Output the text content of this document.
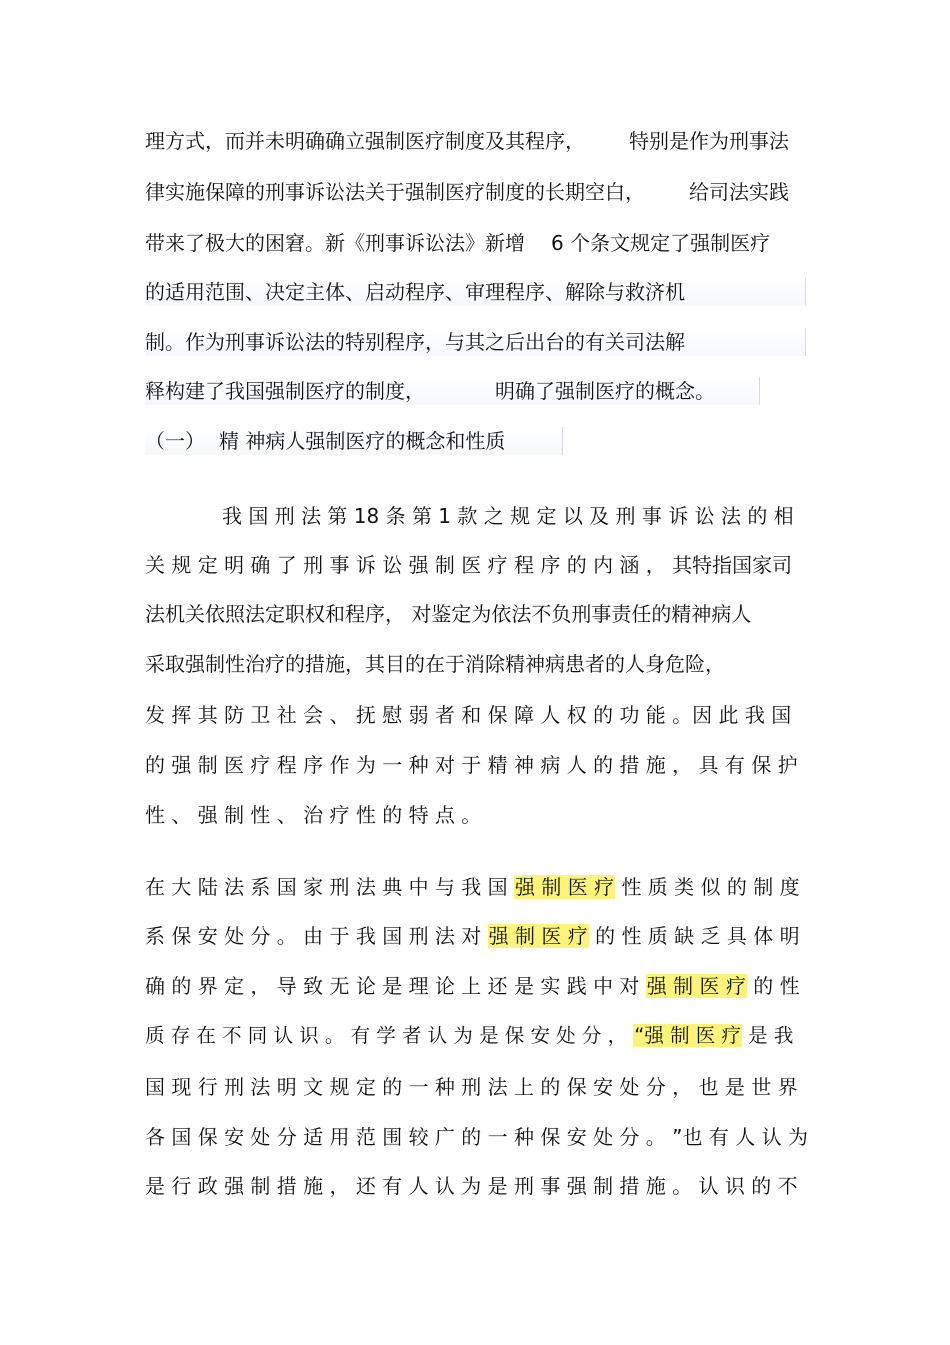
理方式，而并未明确确立强制医疗制度及其程序， 特别是作为刑事法

律实施保障的刑事诉讼法关于强制医疗制度的长期空白， 给司法实践

带来了极大的困窘。新《刑事诉讼法》新增 6 个条文规定了强制医疗

的适用范围、决定主体、启动程序、审理程序、解除与救济机

制。作为刑事诉讼法的特别程序，与其之后出台的有关司法解

释构建了我国强制医疗的制度，	明确了强制医疗的概念。

（一） 精 神病人强制医疗的概念和性质

我 国 刑 法 第 18 条 第 1 款 之 规 定 以 及 刑 事 诉 讼 法 的 相

关 规 定 明 确 了 刑 事 诉 讼 强 制 医 疗 程 序 的 内 涵 ， 其特指国家司

法机关依照法定职权和程序， 对鉴定为依法不负刑事责任的精神病人

采取强制性治疗的措施，其目的在于消除精神病患者的人身危险，

发 挥 其 防 卫 社 会 、 抚 慰 弱 者 和 保 障 人 权 的 功 能 。因 此 我 国

的 强 制 医 疗 程 序 作 为 一 种 对 于 精 神 病 人 的 措 施 ， 具 有 保 护

性 、 强 制 性 、 治 疗 性 的 特 点 。

在 大 陆 法 系 国 家 刑 法 典 中 与 我 国 强 制 医 疗 性 质 类 似 的 制 度

系 保 安 处 分 。 由 于 我 国 刑 法 对 强 制 医 疗 的 性 质 缺 乏 具 体 明

确 的 界 定 ， 导 致 无 论 是 理 论 上 还 是 实 践 中 对 强 制 医 疗 的 性

质 存 在 不 同 认 识 。 有 学 者 认 为 是 保 安 处 分 ， “强 制 医 疗 是 我

国 现 行 刑 法 明 文 规 定 的 一 种 刑 法 上 的 保 安 处 分 ， 也 是 世 界

各 国 保 安 处 分 适 用 范 围 较 广 的 一 种 保 安 处 分 。 ”也 有 人 认 为

是 行 政 强 制 措 施 ， 还 有 人 认 为 是 刑 事 强 制 措 施 。 认 识 的 不
